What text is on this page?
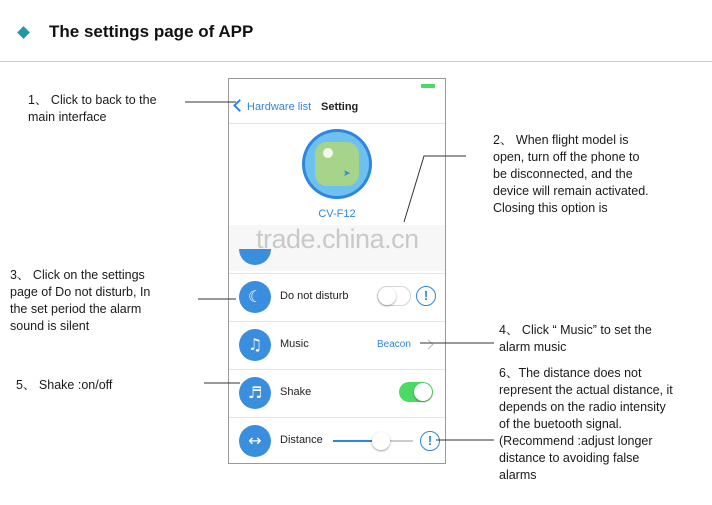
The settings page of APP
Hardware list Setting
➤
CV-F12
☾	Do not disturb	!
♫	Music	Beacon
♬	Shake
↔	Distance	!
trade.china.cn
1、 Click to back to the
main interface
2、 When flight model is
open, turn off the phone to
be disconnected, and the
device will remain activated.
Closing this option is
3、 Click on the settings
page of Do not disturb, In
the set period the alarm
sound is silent	4、 Click “ Music” to set the
alarm music
5、 Shake :on/off
6、The distance does not
represent the actual distance, it
depends on the radio intensity
of the buetooth signal.
(Recommend :adjust longer
distance to avoiding false
alarms
